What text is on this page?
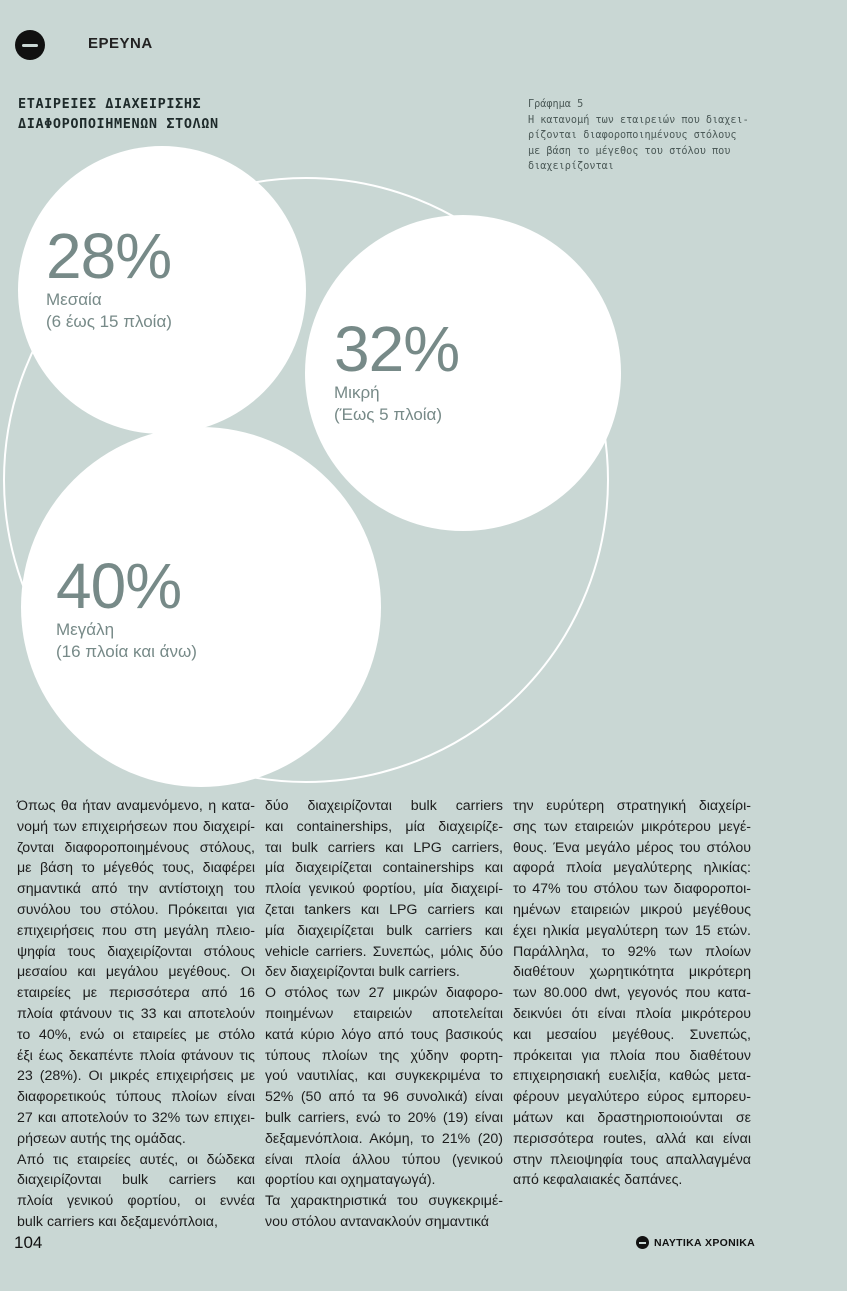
ΕΡΕΥΝΑ
ΕΤΑΙΡΕΙΕΣ ΔΙΑΧΕΙΡΙΣΗΣ
ΔΙΑΦΟΡΟΠΟΙΗΜΕΝΩΝ ΣΤΟΛΩΝ
Γράφημα 5
Η κατανομή των εταιρειών που διαχει-
ρίζονται διαφοροποιημένους στόλους
με βάση το μέγεθος του στόλου που
διαχειρίζονται
28%
Μεσαία
(6 έως 15 πλοία)	32%
Μικρή
(Έως 5 πλοία)
40%
Μεγάλη
(16 πλοία και άνω)
Όπως θα ήταν αναμενόμενο, η κατα-
νομή των επιχειρήσεων που διαχειρί-
ζονται διαφοροποιημένους στόλους,
με βάση το μέγεθός τους, διαφέρει
σημαντικά από την αντίστοιχη του
συνόλου του στόλου. Πρόκειται για
επιχειρήσεις που στη μεγάλη πλειο-
ψηφία τους διαχειρίζονται στόλους
μεσαίου και μεγάλου μεγέθους. Οι
εταιρείες με περισσότερα από 16
πλοία φτάνουν τις 33 και αποτελούν
το 40%, ενώ οι εταιρείες με στόλο
έξι έως δεκαπέντε πλοία φτάνουν τις
23 (28%). Οι μικρές επιχειρήσεις με
διαφορετικούς τύπους πλοίων είναι
27 και αποτελούν το 32% των επιχει-
ρήσεων αυτής της ομάδας.
Από τις εταιρείες αυτές, οι δώδεκα
διαχειρίζονται bulk carriers και
πλοία γενικού φορτίου, οι εννέα
bulk carriers και δεξαμενόπλοια,
δύο διαχειρίζονται bulk carriers
και containerships, μία διαχειρίζε-
ται bulk carriers και LPG carriers,
μία διαχειρίζεται containerships και
πλοία γενικού φορτίου, μία διαχειρί-
ζεται tankers και LPG carriers και
μία διαχειρίζεται bulk carriers και
vehicle carriers. Συνεπώς, μόλις δύο
δεν διαχειρίζονται bulk carriers.
Ο στόλος των 27 μικρών διαφορο-
ποιημένων εταιρειών αποτελείται
κατά κύριο λόγο από τους βασικούς
τύπους πλοίων της χύδην φορτη-
γού ναυτιλίας, και συγκεκριμένα το
52% (50 από τα 96 συνολικά) είναι
bulk carriers, ενώ το 20% (19) είναι
δεξαμενόπλοια. Ακόμη, το 21% (20)
είναι πλοία άλλου τύπου (γενικού
φορτίου και οχηματαγωγά).
Τα χαρακτηριστικά του συγκεκριμέ-
νου στόλου αντανακλούν σημαντικά
την ευρύτερη στρατηγική διαχείρι-
σης των εταιρειών μικρότερου μεγέ-
θους. Ένα μεγάλο μέρος του στόλου
αφορά πλοία μεγαλύτερης ηλικίας:
το 47% του στόλου των διαφοροποι-
ημένων εταιρειών μικρού μεγέθους
έχει ηλικία μεγαλύτερη των 15 ετών.
Παράλληλα, το 92% των πλοίων
διαθέτουν χωρητικότητα μικρότερη
των 80.000 dwt, γεγονός που κατα-
δεικνύει ότι είναι πλοία μικρότερου
και μεσαίου μεγέθους. Συνεπώς,
πρόκειται για πλοία που διαθέτουν
επιχειρησιακή ευελιξία, καθώς μετα-
φέρουν μεγαλύτερο εύρος εμπορευ-
μάτων και δραστηριοποιούνται σε
περισσότερα routes, αλλά και είναι
στην πλειοψηφία τους απαλλαγμένα
από κεφαλαιακές δαπάνες.
104	ΝΑΥΤΙΚΑ ΧΡΟΝΙΚΑ
